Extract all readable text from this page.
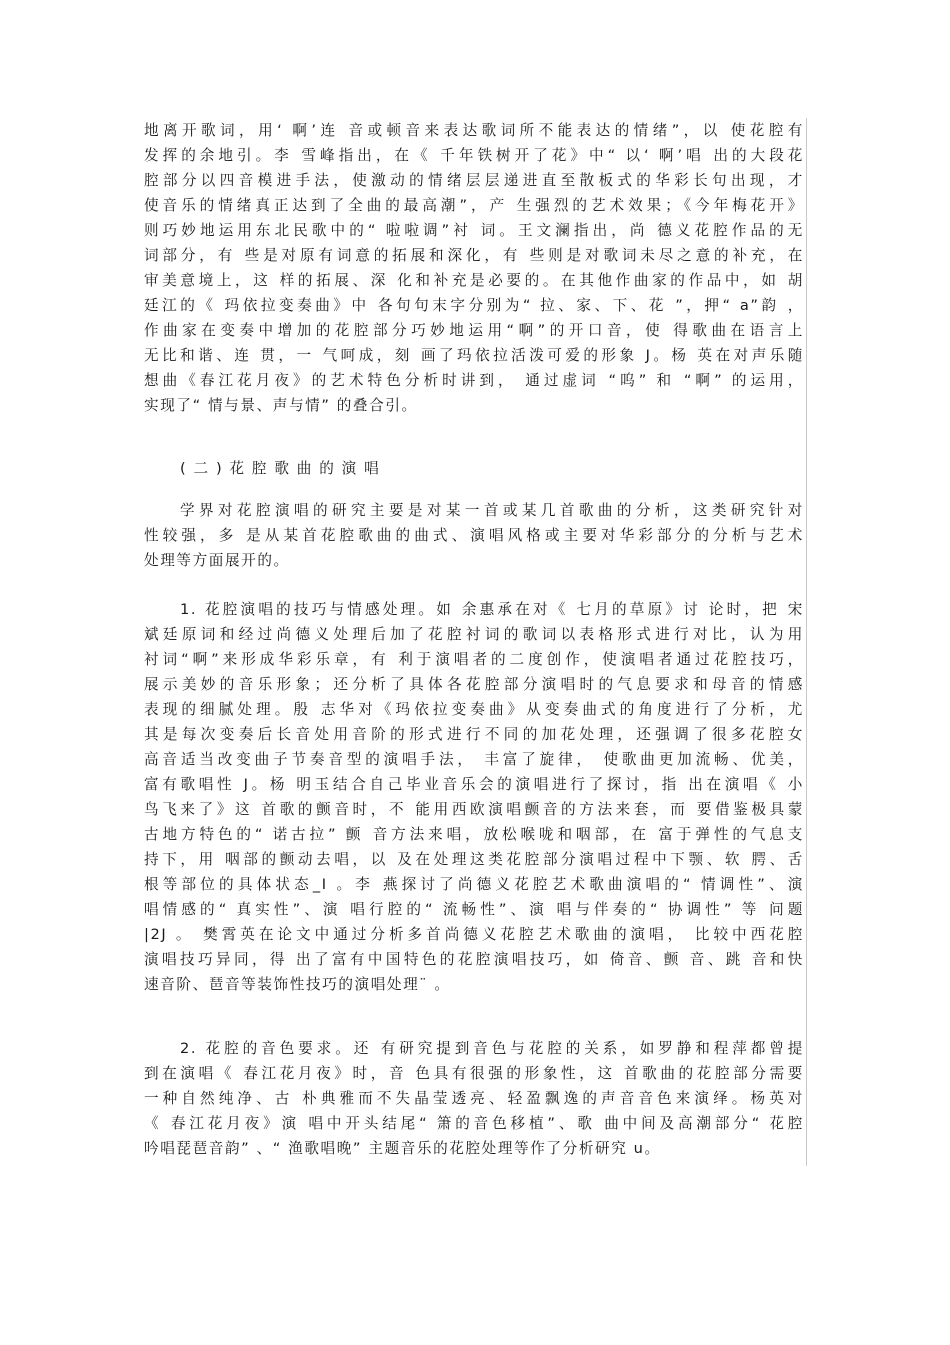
地离开歌词，用‘ 啊’连 音或顿音来表达歌词所不能表达的情绪”，以 使花腔有
发挥的余地引。李 雪峰指出，在《 千年铁树开了花》中“ 以‘ 啊’唱 出的大段花
腔部分以四音模进手法，使激动的情绪层层递进直至散板式的华彩长句出现，才
使音乐的情绪真正达到了全曲的最高潮”，产 生强烈的艺术效果；《今年梅花开》
则巧妙地运用东北民歌中的“ 啦啦调”衬 词。王文澜指出，尚 德义花腔作品的无
词部分，有 些是对原有词意的拓展和深化，有 些则是对歌词未尽之意的补充，在
审美意境上，这 样的拓展、深 化和补充是必要的。在其他作曲家的作品中，如 胡
廷江的《 玛依拉变奏曲》中 各句句末字分别为“ 拉、家、下、花 ”，押“ a”韵 ，
作曲家在变奏中增加的花腔部分巧妙地运用“啊”的开口音，使 得歌曲在语言上
无比和谐、连 贯，一 气呵成，刻 画了玛依拉活泼可爱的形象 J。杨 英在对声乐随
想曲《春江花月夜》的艺术特色分析时讲到， 通过虚词 “呜” 和 “啊” 的运用，
实现了“ 情与景、声与情” 的叠合引。
( 二 ) 花 腔 歌 曲 的 演 唱
学界对花腔演唱的研究主要是对某一首或某几首歌曲的分析，这类研究针对
性较强，多 是从某首花腔歌曲的曲式、演唱风格或主要对华彩部分的分析与艺术
处理等方面展开的。
1. 花腔演唱的技巧与情感处理。如 余惠承在对《 七月的草原》讨 论时，把 宋
斌廷原词和经过尚德义处理后加了花腔衬词的歌词以表格形式进行对比，认为用
衬词“啊”来形成华彩乐章，有 利于演唱者的二度创作，使演唱者通过花腔技巧，
展示美妙的音乐形象；还分析了具体各花腔部分演唱时的气息要求和母音的情感
表现的细腻处理。殷 志华对《玛依拉变奏曲》从变奏曲式的角度进行了分析，尤
其是每次变奏后长音处用音阶的形式进行不同的加花处理，还强调了很多花腔女
高音适当改变曲子节奏音型的演唱手法， 丰富了旋律， 使歌曲更加流畅、优美，
富有歌唱性 J。杨 明玉结合自己毕业音乐会的演唱进行了探讨，指 出在演唱《 小
鸟飞来了》这 首歌的颤音时，不 能用西欧演唱颤音的方法来套，而 要借鉴极具蒙
古地方特色的“ 诺古拉” 颤 音方法来唱，放松喉咙和咽部，在 富于弹性的气息支
持下，用 咽部的颤动去唱，以 及在处理这类花腔部分演唱过程中下颚、软 腭、舌
根等部位的具体状态_I 。李 燕探讨了尚德义花腔艺术歌曲演唱的“ 情调性”、演
唱情感的“ 真实性”、演 唱行腔的“ 流畅性”、演 唱与伴奏的“ 协调性” 等 问题
|2J 。 樊霄英在论文中通过分析多首尚德义花腔艺术歌曲的演唱， 比较中西花腔
演唱技巧异同，得 出了富有中国特色的花腔演唱技巧，如 倚音、颤 音、跳 音和快
速音阶、琶音等装饰性技巧的演唱处理¨ 。
2. 花腔的音色要求。还 有研究提到音色与花腔的关系，如罗静和程萍都曾提
到在演唱《 春江花月夜》时，音 色具有很强的形象性，这 首歌曲的花腔部分需要
一种自然纯净、古 朴典雅而不失晶莹透亮、轻盈飘逸的声音音色来演绎。杨英对
《 春江花月夜》演 唱中开头结尾“ 箫的音色移植”、歌 曲中间及高潮部分“ 花腔
吟唱琵琶音韵” 、“ 渔歌唱晚” 主题音乐的花腔处理等作了分析研究 u。
